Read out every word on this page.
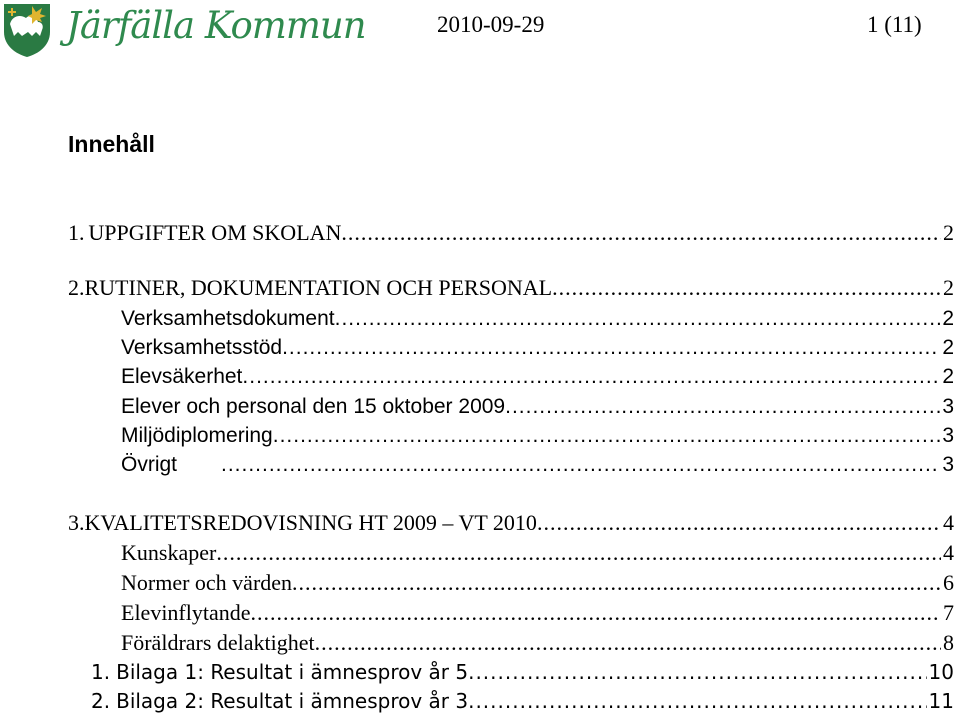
Järfälla Kommun	2010-09-29	1 (11)
Innehåll
1. UPPGIFTER OM SKOLAN .....	2
2. RUTINER, DOKUMENTATION OCH PERSONAL .....	2
Verksamhetsdokument .....	2
Verksamhetsstöd .....	2
Elevsäkerhet .....	2
Elever och personal den 15 oktober 2009 .....	3
Miljödiplomering .....	3
Övrigt .....	3
3. KVALITETSREDOVISNING HT 2009 – VT 2010 .....	4
Kunskaper .....	4
Normer och värden .....	6
Elevinflytande .....	7
Föräldrars delaktighet .....	8
1. Bilaga 1: Resultat i ämnesprov år 5 .....	10
2. Bilaga 2: Resultat i ämnesprov år 3 .....	11
